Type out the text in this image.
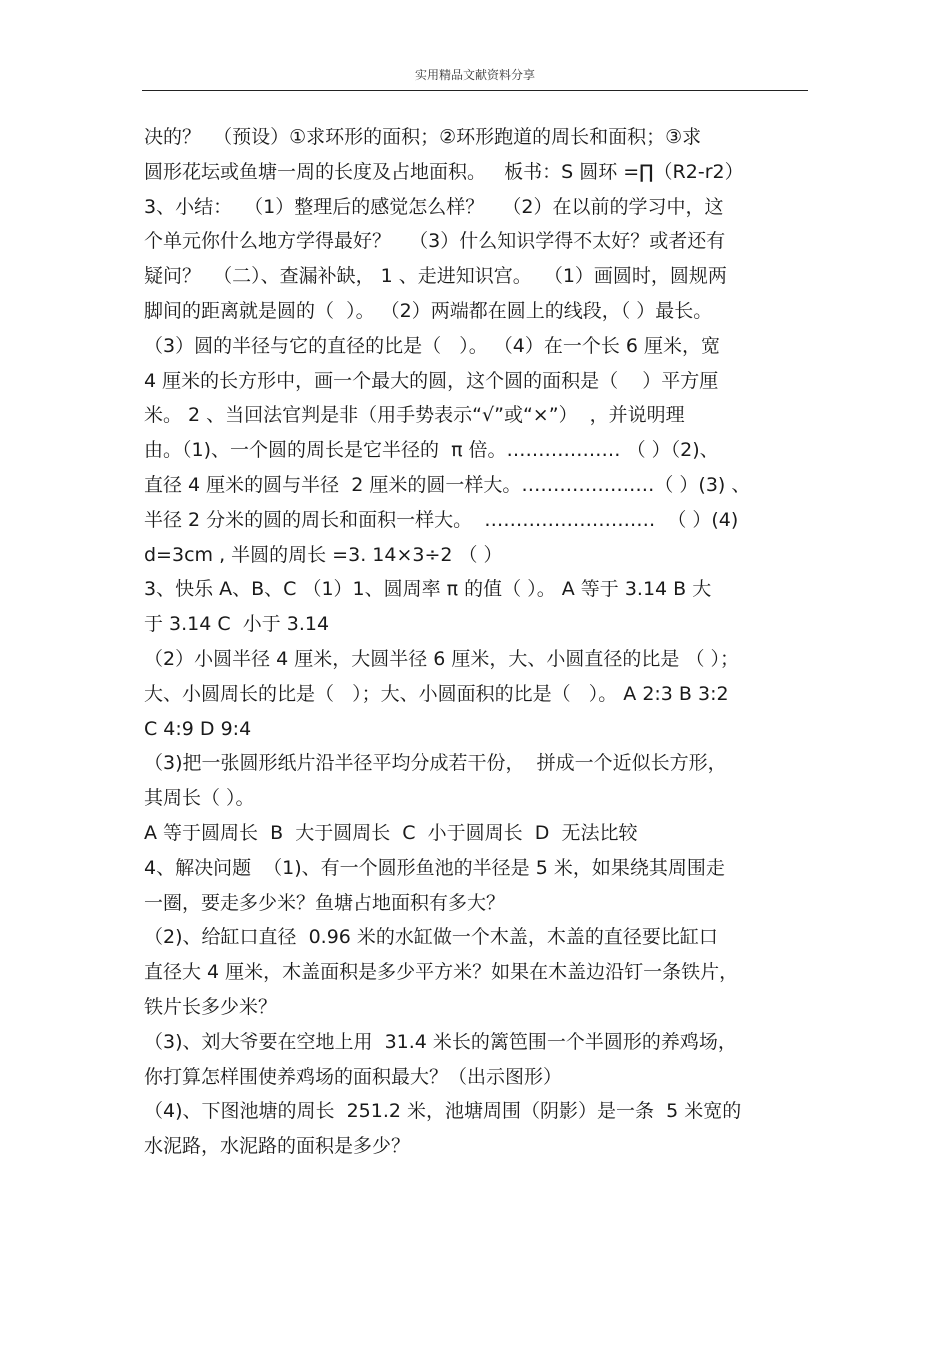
实用精品文献资料分享
决的？  （预设）①求环形的面积；②环形跑道的周长和面积；③求
圆形花坛或鱼塘一周的长度及占地面积。   板书：S 圆环 =∏（R2-r2）
3、小结：  （1）整理后的感觉怎么样？   （2）在以前的学习中，这
个单元你什么地方学得最好？   （3）什么知识学得不太好？或者还有
疑问？  （二）、查漏补缺， 1 、走进知识宫。  （1）画圆时，圆规两
脚间的距离就是圆的（  ）。 （2）两端都在圆上的线段，（ ）最长。
（3）圆的半径与它的直径的比是（   ）。 （4）在一个长 6 厘米，宽
4 厘米的长方形中，画一个最大的圆，这个圆的面积是（    ）平方厘
米。 2 、当回法官判是非（用手势表示“√”或“×”）  ，并说明理
由。（1)、一个圆的周长是它半径的  π 倍。……………… （ ）（2)、
直径 4 厘米的圆与半径  2 厘米的圆一样大。…………………（ ）(3) 、
半径 2 分米的圆的周长和面积一样大。  ………………………  （ ）(4)
d=3cm , 半圆的周长 =3. 14×3÷2 （ ）
3、快乐 A、B、C （1）1、圆周率 π 的值（ ）。 A 等于 3.14 B 大
于 3.14 C  小于 3.14
（2）小圆半径 4 厘米，大圆半径 6 厘米，大、小圆直径的比是 （ ）；
大、小圆周长的比是（   ）；大、小圆面积的比是（   ）。 A 2:3 B 3:2
C 4:9 D 9:4
（3)把一张圆形纸片沿半径平均分成若干份，  拼成一个近似长方形，
其周长（ ）。
A 等于圆周长  B  大于圆周长  C  小于圆周长  D  无法比较
4、解决问题  （1)、有一个圆形鱼池的半径是 5 米，如果绕其周围走
一圈，要走多少米？鱼塘占地面积有多大？
（2)、给缸口直径  0.96 米的水缸做一个木盖，木盖的直径要比缸口
直径大 4 厘米，木盖面积是多少平方米？如果在木盖边沿钉一条铁片，
铁片长多少米？
（3)、刘大爷要在空地上用  31.4 米长的篱笆围一个半圆形的养鸡场，
你打算怎样围使养鸡场的面积最大？（出示图形）
（4)、下图池塘的周长  251.2 米，池塘周围（阴影）是一条  5 米宽的
水泥路，水泥路的面积是多少？
